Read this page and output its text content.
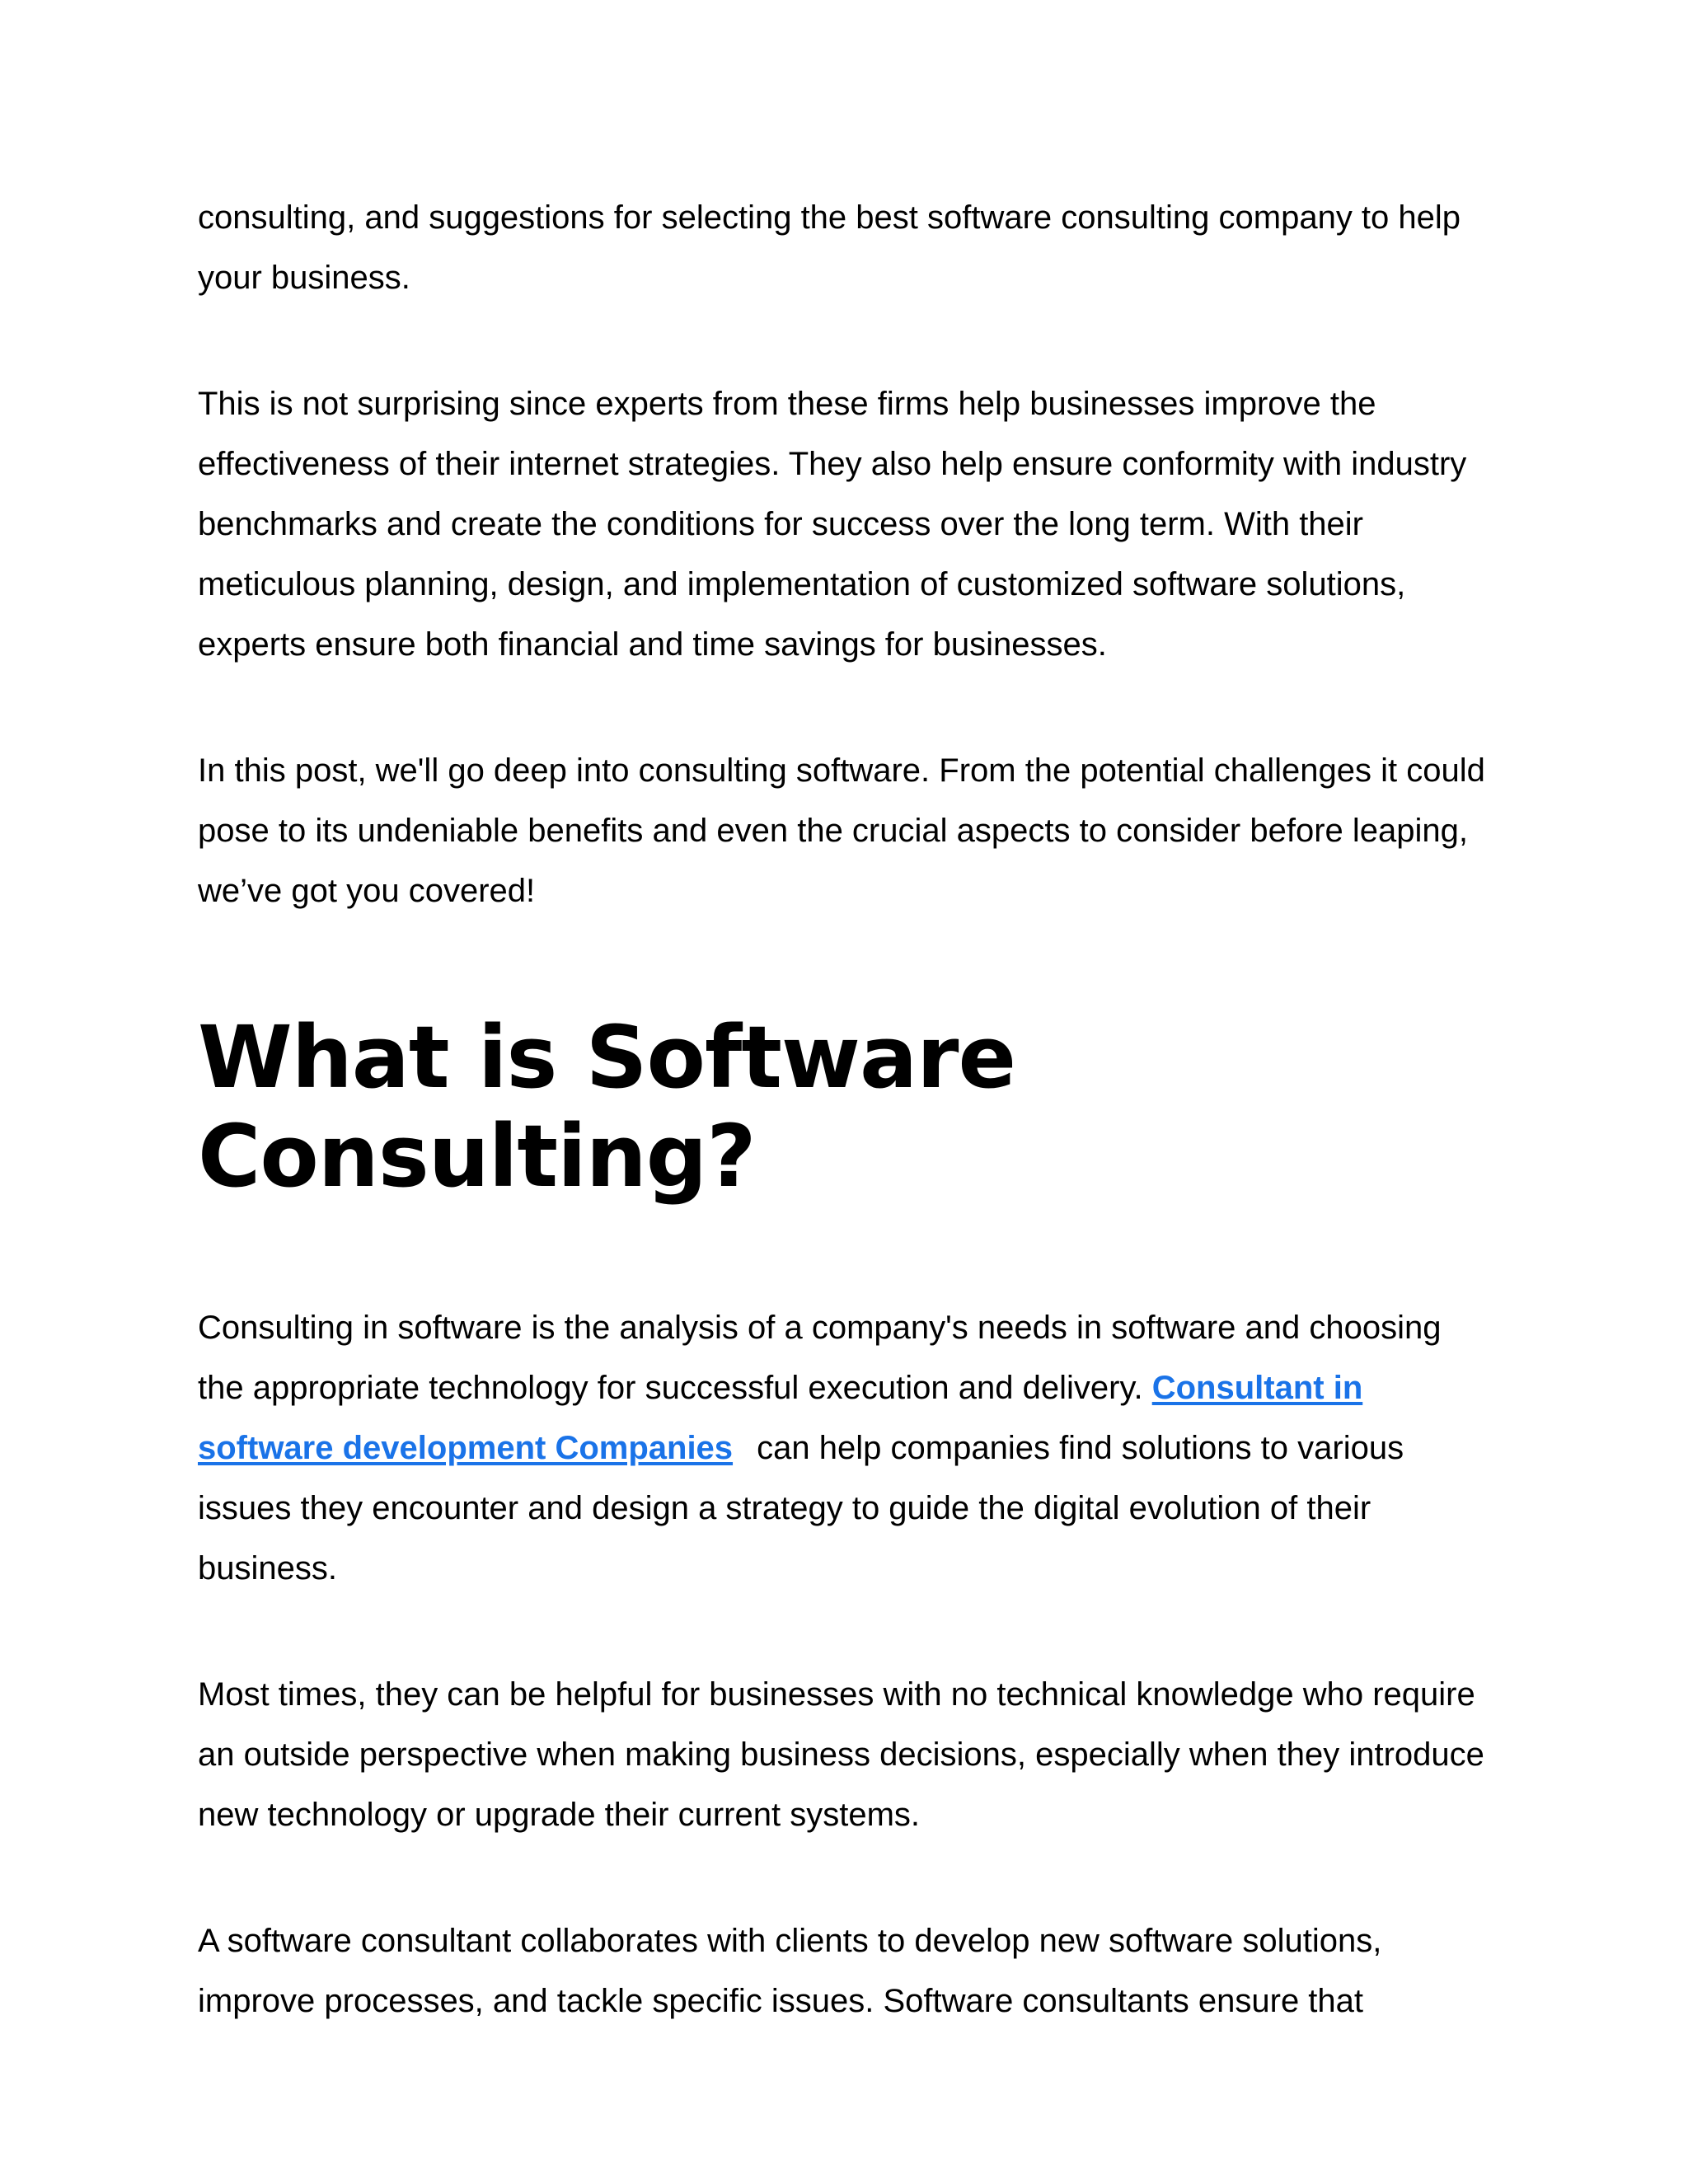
consulting, and suggestions for selecting the best software consulting company to help your business.

This is not surprising since experts from these firms help businesses improve the effectiveness of their internet strategies. They also help ensure conformity with industry benchmarks and create the conditions for success over the long term. With their meticulous planning, design, and implementation of customized software solutions, experts ensure both financial and time savings for businesses.

In this post, we'll go deep into consulting software. From the potential challenges it could pose to its undeniable benefits and even the crucial aspects to consider before leaping, we’ve got you covered!

What is Software Consulting?

Consulting in software is the analysis of a company's needs in software and choosing the appropriate technology for successful execution and delivery. Consultant in software development Companies can help companies find solutions to various issues they encounter and design a strategy to guide the digital evolution of their business.

Most times, they can be helpful for businesses with no technical knowledge who require an outside perspective when making business decisions, especially when they introduce new technology or upgrade their current systems.

A software consultant collaborates with clients to develop new software solutions, improve processes, and tackle specific issues. Software consultants ensure that
